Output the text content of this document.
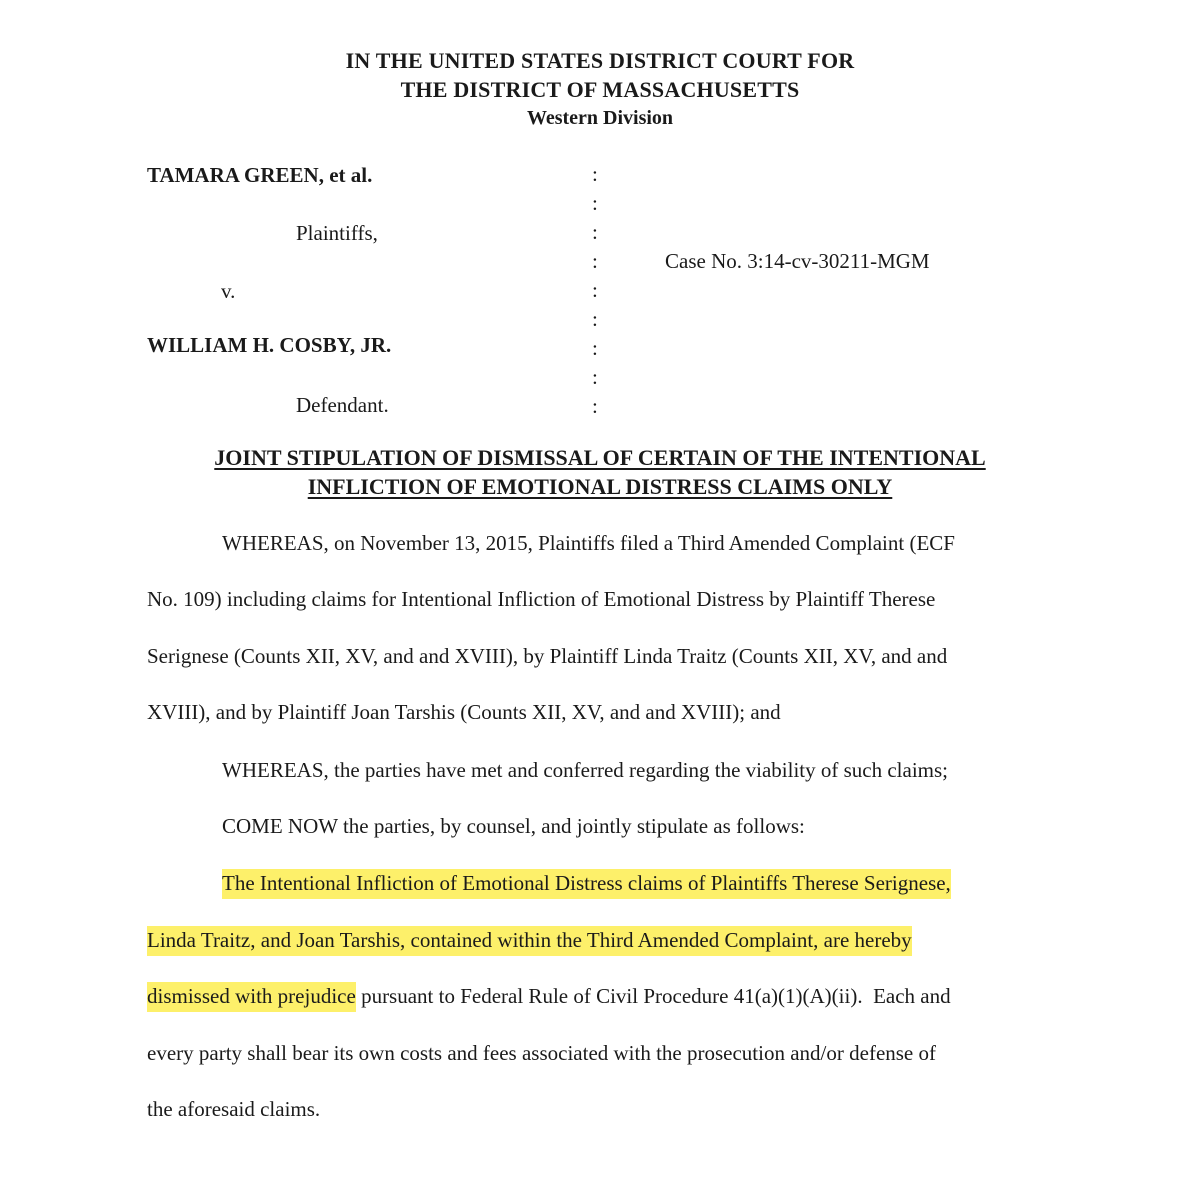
IN THE UNITED STATES DISTRICT COURT FOR
THE DISTRICT OF MASSACHUSETTS
Western Division
TAMARA GREEN, et al.
Plaintiffs,
v.
WILLIAM H. COSBY, JR.
Defendant.
Case No. 3:14-cv-30211-MGM
:
:
:
:
:
:
:
:
:
JOINT STIPULATION OF DISMISSAL OF CERTAIN OF THE INTENTIONAL
INFLICTION OF EMOTIONAL DISTRESS CLAIMS ONLY
WHEREAS, on November 13, 2015, Plaintiffs filed a Third Amended Complaint (ECF
No. 109) including claims for Intentional Infliction of Emotional Distress by Plaintiff Therese
Serignese (Counts XII, XV, and and XVIII), by Plaintiff Linda Traitz (Counts XII, XV, and and
XVIII), and by Plaintiff Joan Tarshis (Counts XII, XV, and and XVIII); and
WHEREAS, the parties have met and conferred regarding the viability of such claims;
COME NOW the parties, by counsel, and jointly stipulate as follows:
The Intentional Infliction of Emotional Distress claims of Plaintiffs Therese Serignese,
Linda Traitz, and Joan Tarshis, contained within the Third Amended Complaint, are hereby
dismissed with prejudice pursuant to Federal Rule of Civil Procedure 41(a)(1)(A)(ii).  Each and
every party shall bear its own costs and fees associated with the prosecution and/or defense of
the aforesaid claims.
